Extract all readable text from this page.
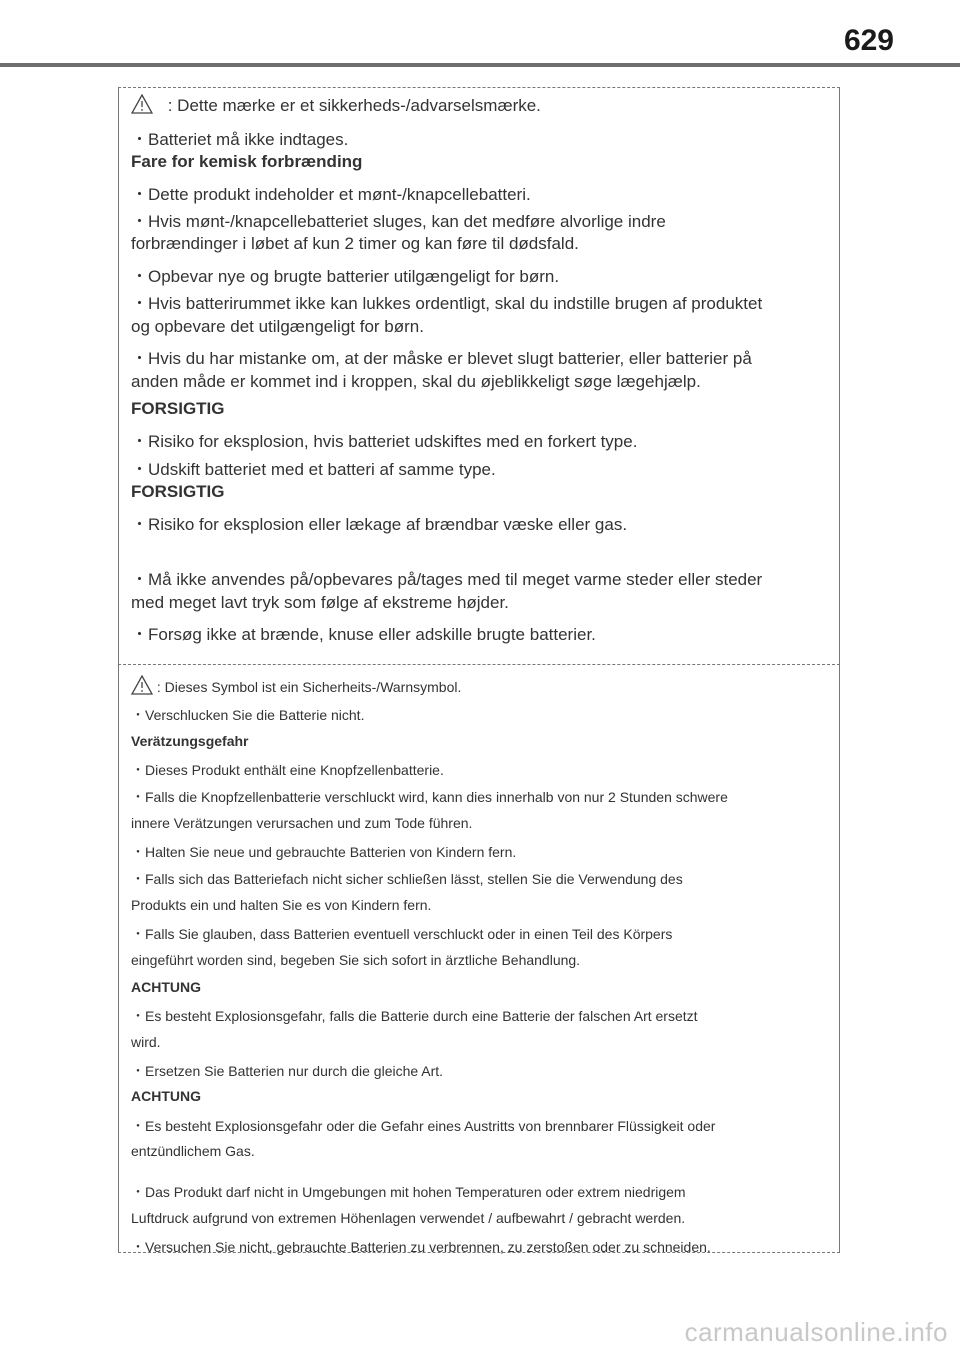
629
: Dette mærke er et sikkerheds-/advarselsmærke.
・Batteriet må ikke indtages.
Fare for kemisk forbrænding
・Dette produkt indeholder et mønt-/knapcellebatteri.
・Hvis mønt-/knapcellebatteriet sluges, kan det medføre alvorlige indre
forbrændinger i løbet af kun 2 timer og kan føre til dødsfald.
・Opbevar nye og brugte batterier utilgængeligt for børn.
・Hvis batterirummet ikke kan lukkes ordentligt, skal du indstille brugen af produktet
og opbevare det utilgængeligt for børn.
・Hvis du har mistanke om, at der måske er blevet slugt batterier, eller batterier på
anden måde er kommet ind i kroppen, skal du øjeblikkeligt søge lægehjælp.
FORSIGTIG
・Risiko for eksplosion, hvis batteriet udskiftes med en forkert type.
・Udskift batteriet med et batteri af samme type.
FORSIGTIG
・Risiko for eksplosion eller lækage af brændbar væske eller gas.
・Må ikke anvendes på/opbevares på/tages med til meget varme steder eller steder
med meget lavt tryk som følge af ekstreme højder.
・Forsøg ikke at brænde, knuse eller adskille brugte batterier.
: Dieses Symbol ist ein Sicherheits-/Warnsymbol.
・Verschlucken Sie die Batterie nicht.
Verätzungsgefahr
・Dieses Produkt enthält eine Knopfzellenbatterie.
・Falls die Knopfzellenbatterie verschluckt wird, kann dies innerhalb von nur 2 Stunden schwere
innere Verätzungen verursachen und zum Tode führen.
・Halten Sie neue und gebrauchte Batterien von Kindern fern.
・Falls sich das Batteriefach nicht sicher schließen lässt, stellen Sie die Verwendung des
Produkts ein und halten Sie es von Kindern fern.
・Falls Sie glauben, dass Batterien eventuell verschluckt oder in einen Teil des Körpers
eingeführt worden sind, begeben Sie sich sofort in ärztliche Behandlung.
ACHTUNG
・Es besteht Explosionsgefahr, falls die Batterie durch eine Batterie der falschen Art ersetzt
wird.
・Ersetzen Sie Batterien nur durch die gleiche Art.
ACHTUNG
・Es besteht Explosionsgefahr oder die Gefahr eines Austritts von brennbarer Flüssigkeit oder
entzündlichem Gas.
・Das Produkt darf nicht in Umgebungen mit hohen Temperaturen oder extrem niedrigem
Luftdruck aufgrund von extremen Höhenlagen verwendet / aufbewahrt / gebracht werden.
・Versuchen Sie nicht, gebrauchte Batterien zu verbrennen, zu zerstoßen oder zu schneiden.
carmanualsonline.info
